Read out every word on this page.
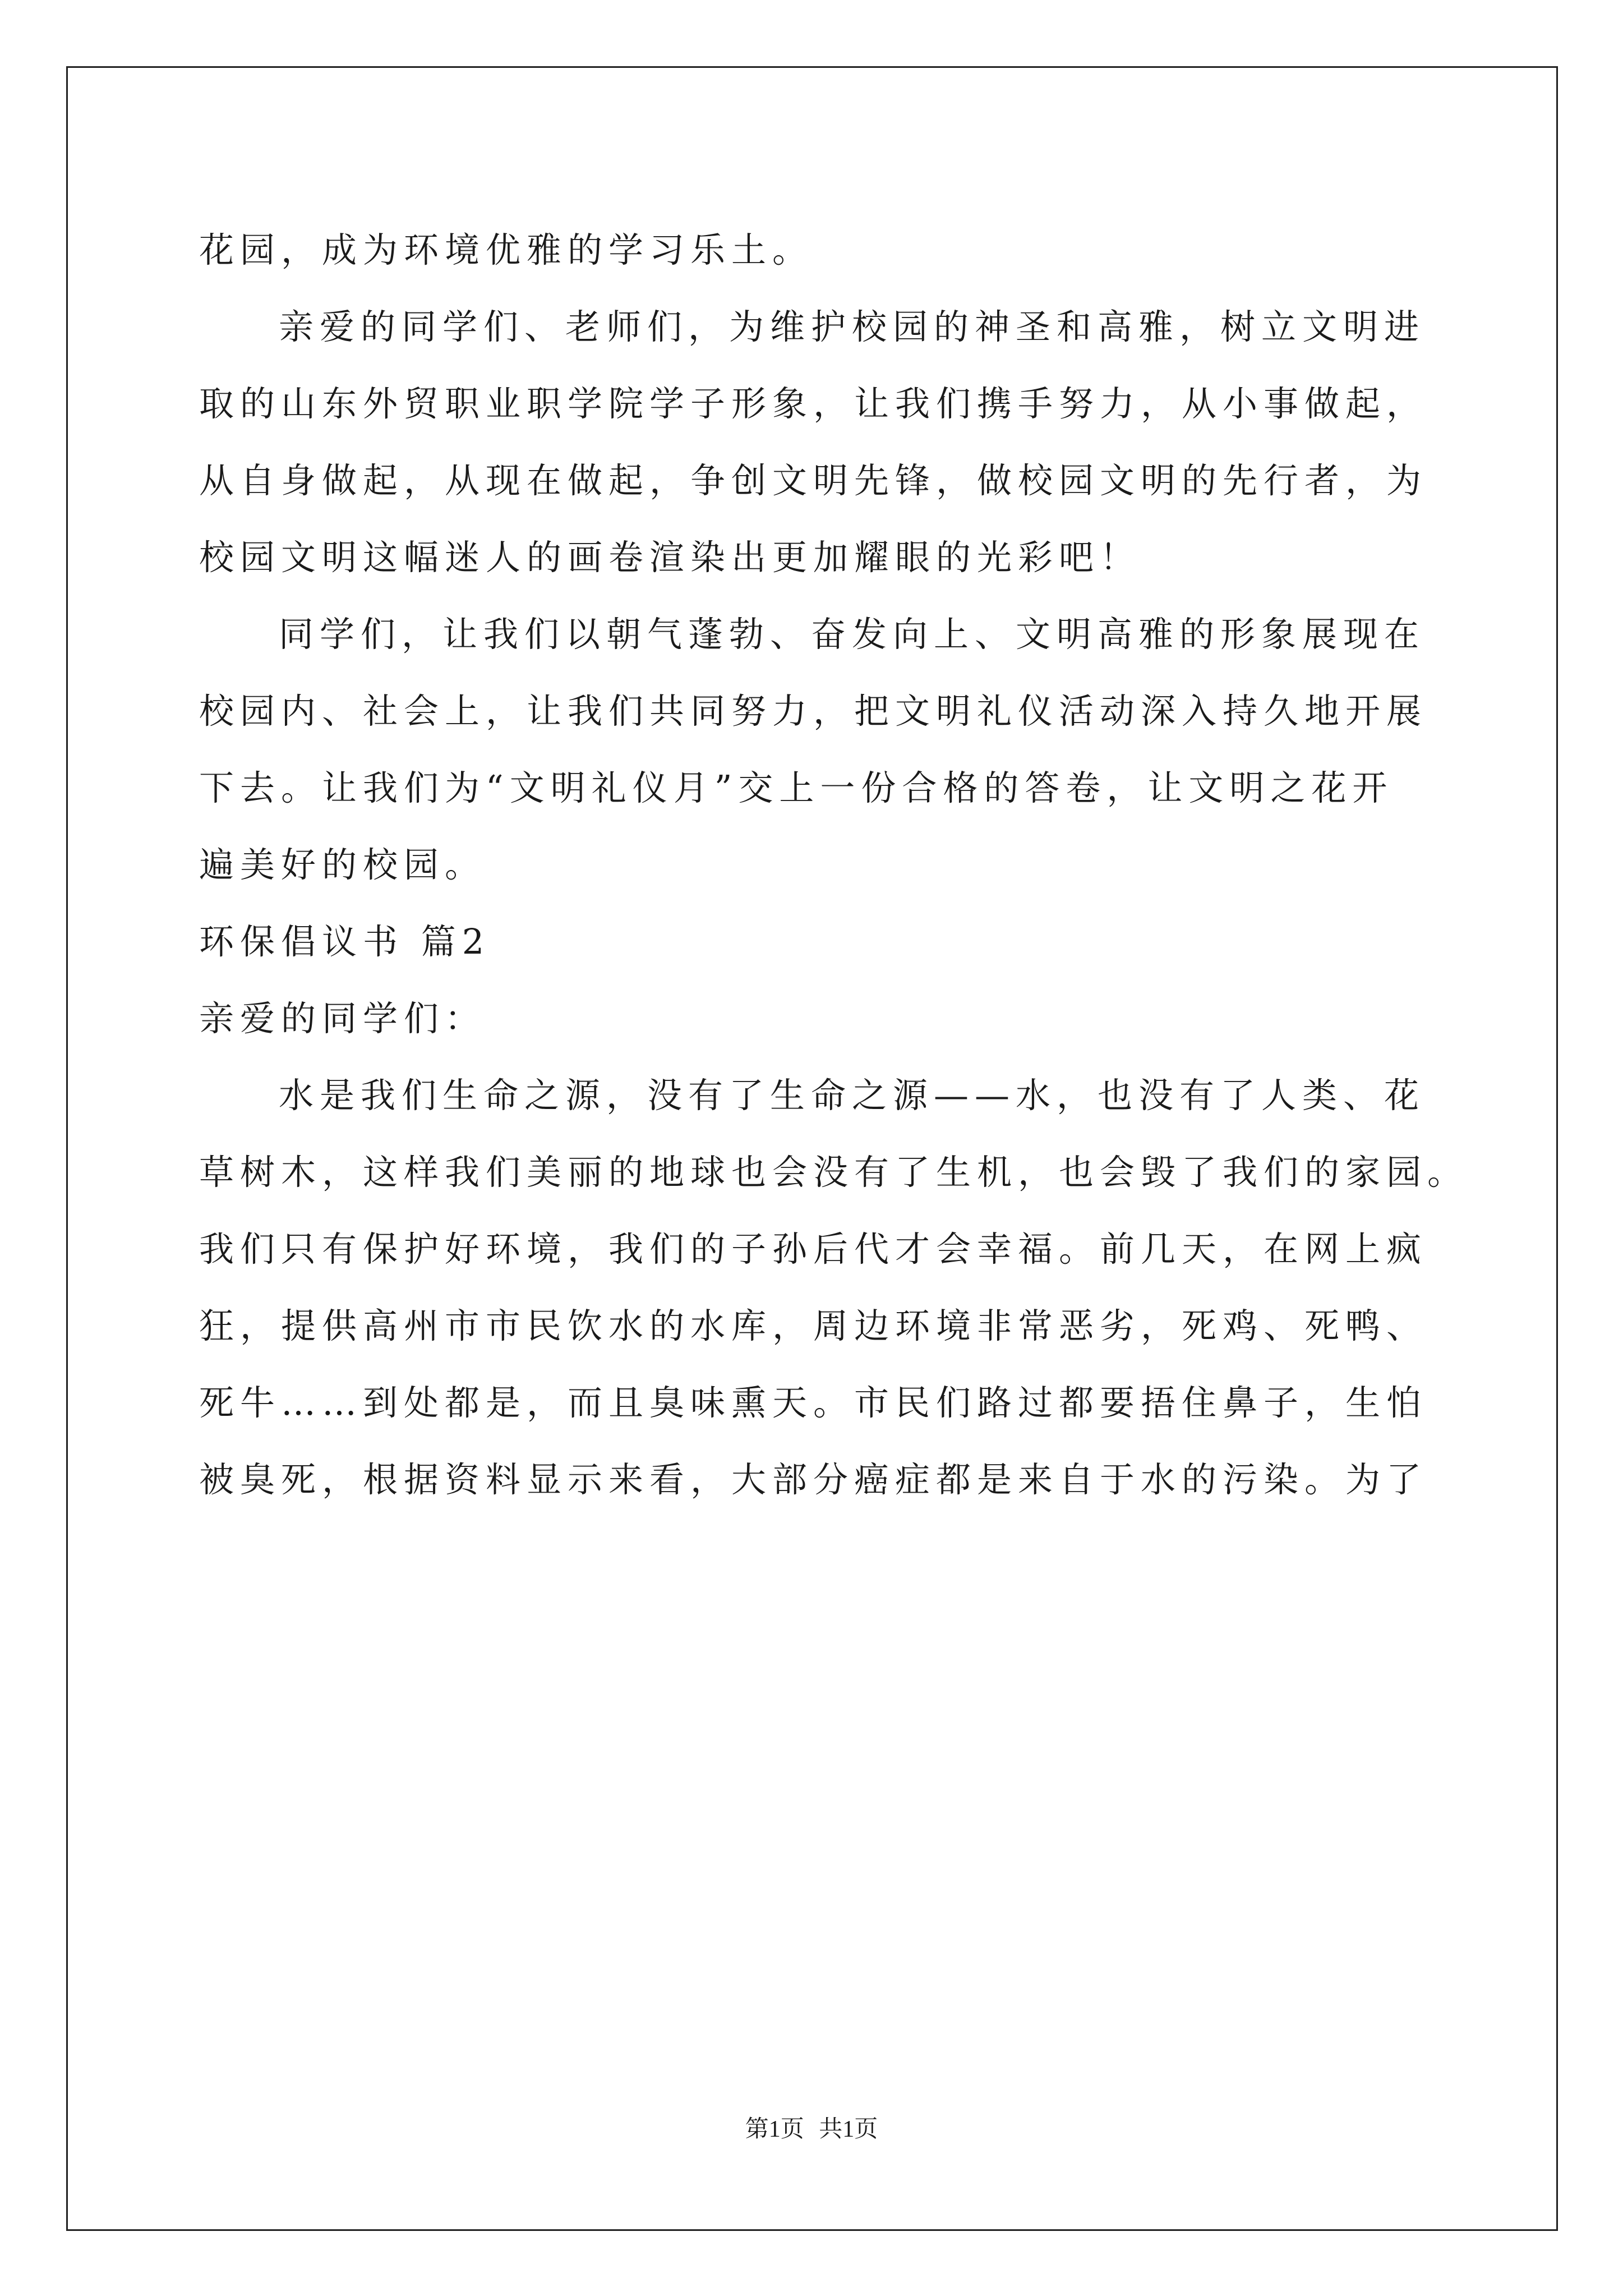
花园，成为环境优雅的学习乐土。
亲爱的同学们、老师们，为维护校园的神圣和高雅，树立文明进
取的山东外贸职业职学院学子形象，让我们携手努力，从小事做起，
从自身做起，从现在做起，争创文明先锋，做校园文明的先行者，为
校园文明这幅迷人的画卷渲染出更加耀眼的光彩吧！
同学们，让我们以朝气蓬勃、奋发向上、文明高雅的形象展现在
校园内、社会上，让我们共同努力，把文明礼仪活动深入持久地开展
下去。让我们为“文明礼仪月”交上一份合格的答卷，让文明之花开
遍美好的校园。
环保倡议书 篇2
亲爱的同学们：
水是我们生命之源，没有了生命之源——水，也没有了人类、花
草树木，这样我们美丽的地球也会没有了生机，也会毁了我们的家园。
我们只有保护好环境，我们的子孙后代才会幸福。前几天，在网上疯
狂，提供高州市市民饮水的水库，周边环境非常恶劣，死鸡、死鸭、
死牛……到处都是，而且臭味熏天。市民们路过都要捂住鼻子，生怕
被臭死，根据资料显示来看，大部分癌症都是来自于水的污染。为了
第1页 共1页
